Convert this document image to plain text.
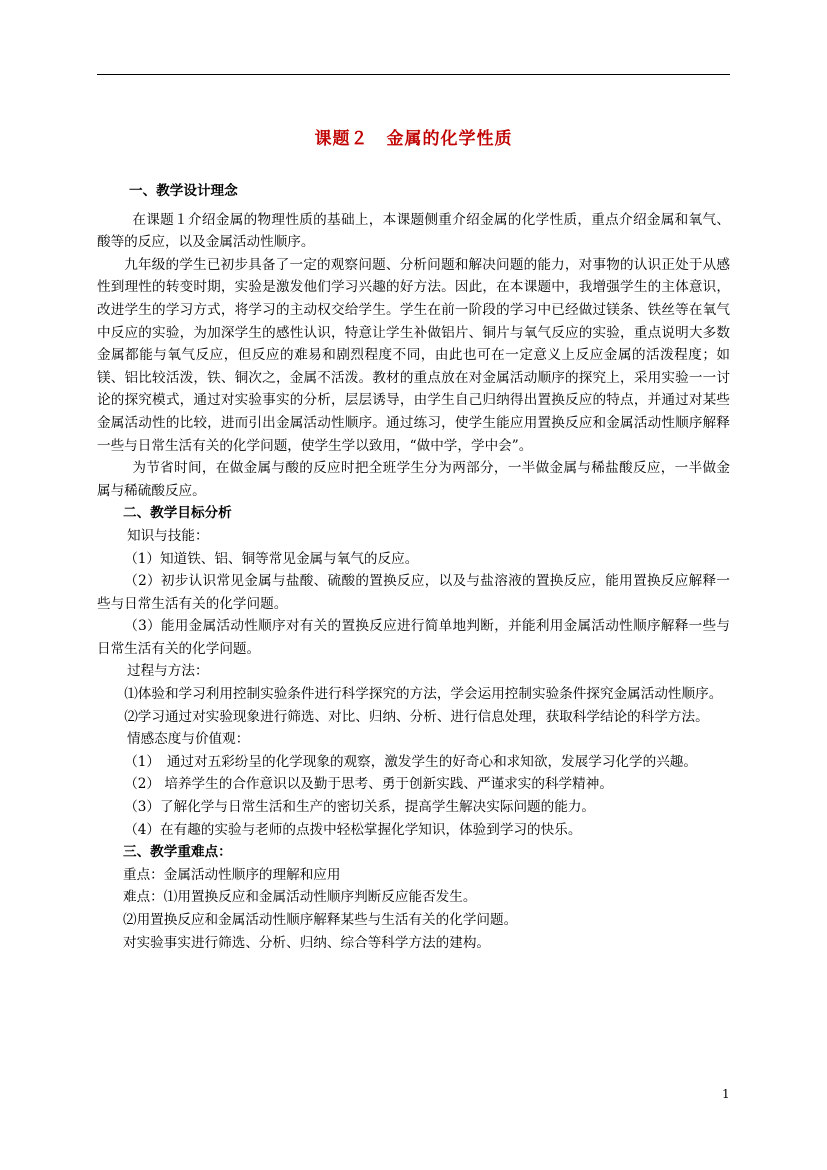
课题２　金属的化学性质

一、教学设计理念

在课题１介绍金属的物理性质的基础上，本课题侧重介绍金属的化学性质，重点介绍金属和氧气、酸等的反应，以及金属活动性顺序。

九年级的学生已初步具备了一定的观察问题、分析问题和解决问题的能力，对事物的认识正处于从感性到理性的转变时期，实验是激发他们学习兴趣的好方法。因此，在本课题中，我增强学生的主体意识，改进学生的学习方式，将学习的主动权交给学生。学生在前一阶段的学习中已经做过镁条、铁丝等在氧气中反应的实验，为加深学生的感性认识，特意让学生补做铝片、铜片与氧气反应的实验，重点说明大多数金属都能与氧气反应，但反应的难易和剧烈程度不同，由此也可在一定意义上反应金属的活泼程度；如镁、铝比较活泼，铁、铜次之，金属不活泼。教材的重点放在对金属活动顺序的探究上，采用实验一一讨论的探究模式，通过对实验事实的分析，层层诱导，由学生自己归纳得出置换反应的特点，并通过对某些金属活动性的比较，进而引出金属活动性顺序。通过练习，使学生能应用置换反应和金属活动性顺序解释一些与日常生活有关的化学问题，使学生学以致用，“做中学，学中会”。

为节省时间，在做金属与酸的反应时把全班学生分为两部分，一半做金属与稀盐酸反应，一半做金属与稀硫酸反应。

二、教学目标分析

知识与技能：

（1）知道铁、铝、铜等常见金属与氧气的反应。

（2）初步认识常见金属与盐酸、硫酸的置换反应，以及与盐溶液的置换反应，能用置换反应解释一些与日常生活有关的化学问题。

（3）能用金属活动性顺序对有关的置换反应进行简单地判断，并能利用金属活动性顺序解释一些与日常生活有关的化学问题。

过程与方法：

⑴体验和学习利用控制实验条件进行科学探究的方法，学会运用控制实验条件探究金属活动性顺序。

⑵学习通过对实验现象进行筛选、对比、归纳、分析、进行信息处理，获取科学结论的科学方法。

情感态度与价值观：

（1）　通过对五彩纷呈的化学现象的观察，激发学生的好奇心和求知欲，发展学习化学的兴趣。

（2） 培养学生的合作意识以及勤于思考、勇于创新实践、严谨求实的科学精神。

（3）了解化学与日常生活和生产的密切关系，提高学生解决实际问题的能力。

（4）在有趣的实验与老师的点拨中轻松掌握化学知识，体验到学习的快乐。

三、教学重难点：

重点：金属活动性顺序的理解和应用

难点：⑴用置换反应和金属活动性顺序判断反应能否发生。

⑵用置换反应和金属活动性顺序解释某些与生活有关的化学问题。

对实验事实进行筛选、分析、归纳、综合等科学方法的建构。

1
